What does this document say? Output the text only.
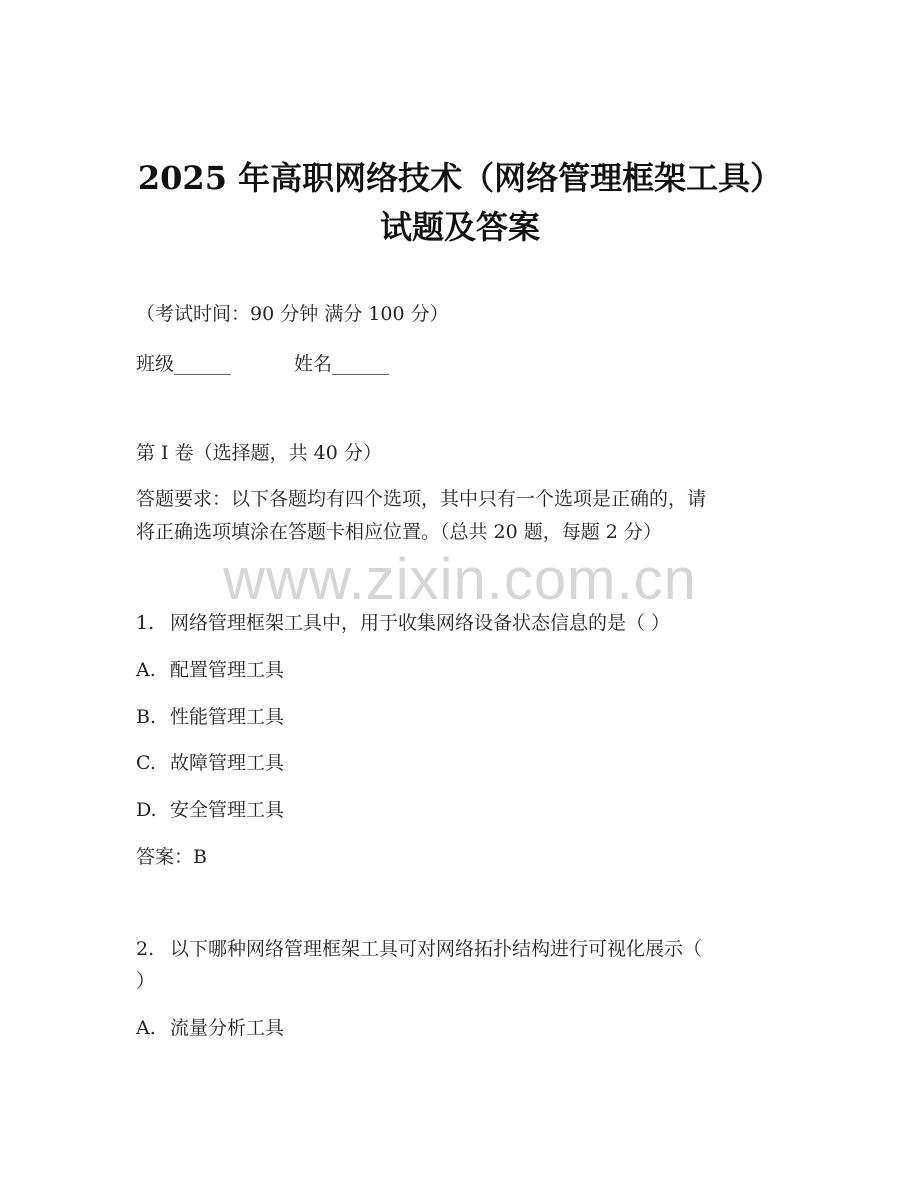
2025 年高职网络技术（网络管理框架工具）
试题及答案
（考试时间：90 分钟 满分 100 分）
班级______	姓名______
第 I 卷（选择题，共 40 分）
答题要求：以下各题均有四个选项，其中只有一个选项是正确的，请
将正确选项填涂在答题卡相应位置。（总共 20 题，每题 2 分）
www.zixin.com.cn
1. 网络管理框架工具中，用于收集网络设备状态信息的是（ ）
A. 配置管理工具
B. 性能管理工具
C. 故障管理工具
D. 安全管理工具
答案：B
2. 以下哪种网络管理框架工具可对网络拓扑结构进行可视化展示（
）
A. 流量分析工具
